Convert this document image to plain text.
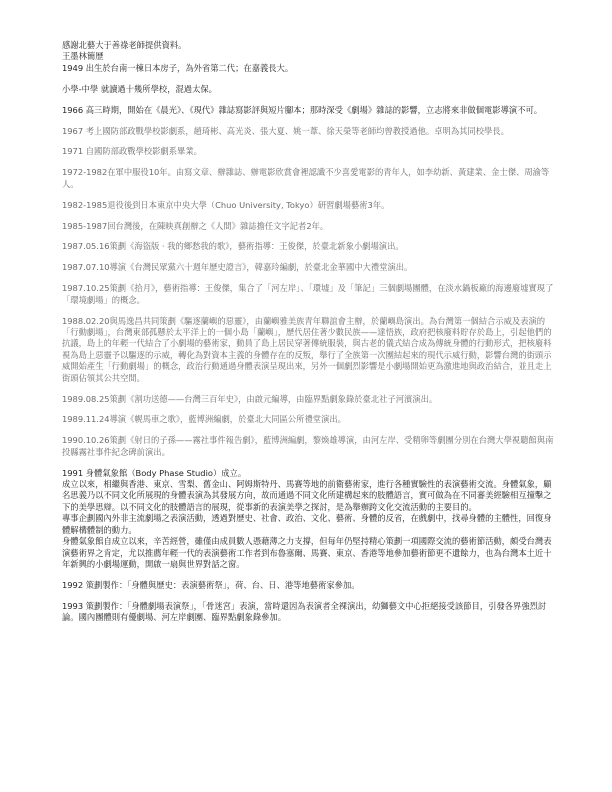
感謝北藝大于善祿老師提供資料。

王墨林簡歷

1949 出生於台南一棟日本房子，為外省第二代；在嘉義長大。

小學-中學 就讀過十幾所學校，混過太保。

1966 高三時期，開始在《晨光》、《現代》雜誌寫影評與短片腳本；那時深受《劇場》雜誌的影響，立志將來非做個電影導演不可。

1967 考上國防部政戰學校影劇系，趙琦彬、高光炎、張大夏、姚一葦、徐天榮等老師均曾教授過他。卓明為其同校學長。

1971 自國防部政戰學校影劇系畢業。

1972-1982在軍中服役10年。由寫文章、辦雜誌、辦電影欣賞會裡認識不少喜愛電影的青年人，如李幼新、黃建業、金士傑、周渝等人。

1982-1985退役後到日本東京中央大學（Chuo University, Tokyo）研習劇場藝術3年。

1985-1987回台灣後，在陳映真創辦之《人間》雜誌擔任文字記者2年。

1987.05.16策劃《海盜版 · 我的鄉愁我的歌》，藝術指導：王俊傑，於臺北新象小劇場演出。

1987.07.10導演《台灣民眾黨六十週年歷史證言》，韓嘉玲編劇，於臺北金華國中大禮堂演出。

1987.10.25策劃《拾月》，藝術指導：王俊傑，集合了「河左岸」、「環墟」及「筆記」三個劇場團體，在淡水鍋板廠的海邊廢墟實現了「環境劇場」的概念。

1988.02.20與馬逸昌共同策劃《驅逐蘭嶼的惡靈》，由蘭嶼雅美族青年聯誼會主辦，於蘭嶼島演出。為台灣第一個結合示威及表演的「行動劇場」，台灣東部孤懸於太平洋上的一個小島「蘭嶼」，歷代居住著少數民族——達悟族，政府把核廢料貯存於島上，引起他們的抗議，島上的年輕一代結合了小劇場的藝術家，動員了島上居民穿著傳統服裝，與古老的儀式結合成為傳統身體的行動形式，把核廢料視為島上惡靈予以驅逐的示威，轉化為對資本主義的身體存在的反叛，舉行了全族第一次團結起來的現代示威行動，影響台灣的街頭示威開始產生「行動劇場」的概念，政治行動通過身體表演呈現出來，另外一個劇烈影響是小劇場開始更為激進地與政治結合，並且走上街頭佔領其公共空間。

1989.08.25策劃《割功送德——台灣三百年史》，由啟元編導，由臨界點劇象錄於臺北社子河濱演出。

1989.11.24導演《幌馬車之歌》，藍博洲編劇，於臺北大同區公所禮堂演出。

1990.10.26策劃《射日的子孫——霧社事件報告劇》，藍博洲編劇，黎煥雄導演，由河左岸、受精卵等劇團分別在台灣大學視聽館與南投縣霧社事件紀念碑前演出。

1991 身體氣象館（Body Phase Studio）成立。

成立以來，相繼與香港、東京、雪梨、舊金山、阿姆斯特丹、馬賽等地的前衛藝術家，進行各種實驗性的表演藝術交流。身體氣象，顧名思義乃以不同文化所展現的身體表演為其發展方向，故而通過不同文化所建構起來的肢體語言，實可做為在不同審美經驗相互撞擊之下的美學思辯。以不同文化的肢體語言的展現，從事新的表演美學之探討，是為舉辦跨文化交流活動的主要目的。

專事企劃國內外非主流劇場之表演活動，透過對歷史、社會、政治、文化、藝術、身體的反省，在戲劇中，找尋身體的主體性，回復身體解構體制的動力。

身體氣象館自成立以來，辛苦經營，雖僅由成員數人憑藉薄之力支撐，但每年仍堅持精心策劃一項國際交流的藝術節活動，頗受台灣表演藝術界之肯定，尤以推薦年輕一代的表演藝術工作者到布魯塞爾、馬賽、東京、香港等地參加藝術節更不遺餘力，也為台灣本土近十年新興的小劇場運動，開啟一扇與世界對話之窗。

1992 策劃製作：「身體與歷史：表演藝術祭」，荷、台、日、港等地藝術家參加。

1993 策劃製作：「身體劇場表演祭」，「骨迷宮」表演，當時還因為表演者全裸演出，幼獅藝文中心拒絕接受該節目，引發各界強烈討論。國內團體則有優劇場、河左岸劇團、臨界點劇象錄參加。
